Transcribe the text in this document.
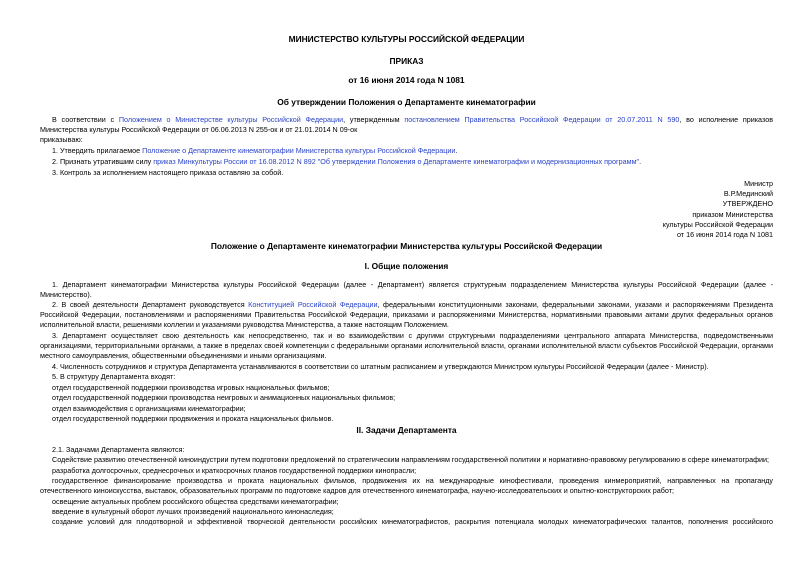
МИНИСТЕРСТВО КУЛЬТУРЫ РОССИЙСКОЙ ФЕДЕРАЦИИ

ПРИКАЗ

от 16 июня 2014 года N 1081

Об утверждении Положения о Департаменте кинематографии

В соответствии с Положением о Министерстве культуры Российской Федерации, утвержденным постановлением Правительства Российской Федерации от 20.07.2011 N 590, во исполнение приказов

Министерства культуры Российской Федерации от 06.06.2013 N 255-ок и от 21.01.2014 N 09-ок

приказываю:

1. Утвердить прилагаемое Положение о Департаменте кинематографии Министерства культуры Российской Федерации.

2. Признать утратившим силу приказ Минкультуры России от 16.08.2012 N 892 "Об утверждении Положения о Департаменте кинематографии и модернизационных программ".

3. Контроль за исполнением настоящего приказа оставляю за собой.

Министр

В.Р.Мединский

УТВЕРЖДЕНО

приказом Министерства

культуры Российской Федерации

от 16 июня 2014 года N 1081

Положение о Департаменте кинематографии Министерства культуры Российской Федерации

I. Общие положения

1. Департамент кинематографии Министерства культуры Российской Федерации (далее - Департамент) является структурным подразделением Министерства культуры Российской Федерации (далее -

Министерство).

2. В своей деятельности Департамент руководствуется Конституцией Российской Федерации, федеральными конституционными законами, федеральными законами, указами и распоряжениями Президента

Российской Федерации, постановлениями и распоряжениями Правительства Российской Федерации, приказами и распоряжениями Министерства, нормативными правовыми актами других федеральных органов

исполнительной власти, решениями коллегии и указаниями руководства Министерства, а также настоящим Положением.

3. Департамент осуществляет свою деятельность как непосредственно, так и во взаимодействии с другими структурными подразделениями центрального аппарата Министерства, подведомственными

организациями, территориальными органами, а также в пределах своей компетенции с федеральными органами исполнительной власти, органами исполнительной власти субъектов Российской Федерации, органами

местного самоуправления, общественными объединениями и иными организациями.

4. Численность сотрудников и структура Департамента устанавливаются в соответствии со штатным расписанием и утверждаются Министром культуры Российской Федерации (далее - Министр).

5. В структуру Департамента входят:

отдел государственной поддержки производства игровых национальных фильмов;

отдел государственной поддержки производства неигровых и анимационных национальных фильмов;

отдел взаимодействия с организациями кинематографии;

отдел государственной поддержки продвижения и проката национальных фильмов.

II. Задачи Департамента

2.1. Задачами Департамента являются:

Содействие развитию отечественной кинoиндустрии путем подготовки предложений по стратегическим направлениям государственной политики и нормативно-правовому регулированию в сфере кинематографии;

разработка долгосрочных, среднесрочных и краткосрочных планов государственной поддержки кинопрасли;

государственное финансирование производства и проката национальных фильмов, продвижения их на международные кинофестивали, проведения кинмероприятий, направленных на пропаганду

отечественного кинoискусства, выставок, образовательных программ по подготовке кадров для отечественного кинематографа, научно-исследовательских и опытно-конструкторских работ;

освещение актуальных проблем российского общества средствами кинематографии;

введение в культурный оборот лучших произведений национального кинонаследия;

создание условий для плодотворной и эффективной творческой деятельности российских кинематографистов, раскрытия потенциала молодых кинематографических талантов, пополнения российского
